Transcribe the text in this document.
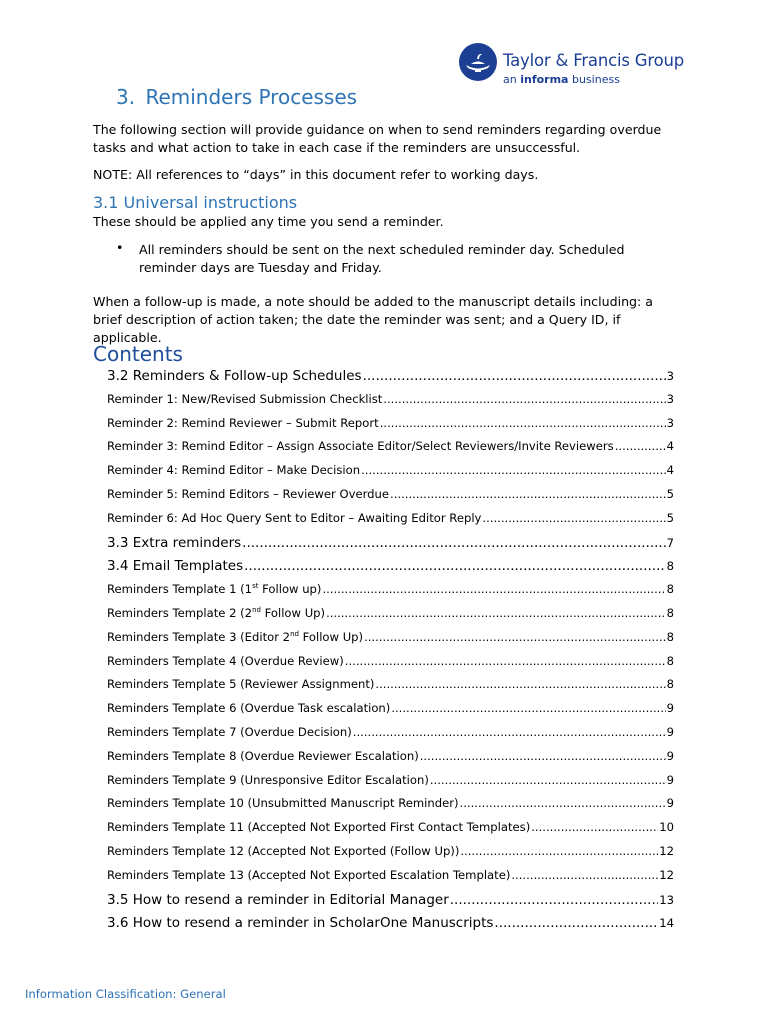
Taylor & Francis Group
an informa business
3. Reminders Processes
The following section will provide guidance on when to send reminders regarding overdue tasks and what action to take in each case if the reminders are unsuccessful.
NOTE: All references to “days” in this document refer to working days.
3.1 Universal instructions
These should be applied any time you send a reminder.
• All reminders should be sent on the next scheduled reminder day. Scheduled reminder days are Tuesday and Friday.
When a follow-up is made, a note should be added to the manuscript details including: a brief description of action taken; the date the reminder was sent; and a Query ID, if applicable.
Contents
3.2 Reminders & Follow-up Schedules .....	3
Reminder 1: New/Revised Submission Checklist .....	3
Reminder 2: Remind Reviewer – Submit Report .....	3
Reminder 3: Remind Editor – Assign Associate Editor/Select Reviewers/Invite Reviewers .....	4
Reminder 4: Remind Editor – Make Decision .....	4
Reminder 5: Remind Editors – Reviewer Overdue .....	5
Reminder 6: Ad Hoc Query Sent to Editor – Awaiting Editor Reply .....	5
3.3 Extra reminders .....	7
3.4 Email Templates .....	8
Reminders Template 1 (1st Follow up) .....	8
Reminders Template 2 (2nd Follow Up) .....	8
Reminders Template 3 (Editor 2nd Follow Up) .....	8
Reminders Template 4 (Overdue Review) .....	8
Reminders Template 5 (Reviewer Assignment) .....	8
Reminders Template 6 (Overdue Task escalation) .....	9
Reminders Template 7 (Overdue Decision) .....	9
Reminders Template 8 (Overdue Reviewer Escalation) .....	9
Reminders Template 9 (Unresponsive Editor Escalation) .....	9
Reminders Template 10 (Unsubmitted Manuscript Reminder) .....	9
Reminders Template 11 (Accepted Not Exported First Contact Templates) .....	10
Reminders Template 12 (Accepted Not Exported (Follow Up)) .....	12
Reminders Template 13 (Accepted Not Exported Escalation Template) .....	12
3.5 How to resend a reminder in Editorial Manager .....	13
3.6 How to resend a reminder in ScholarOne Manuscripts .....	14
Information Classification: General
